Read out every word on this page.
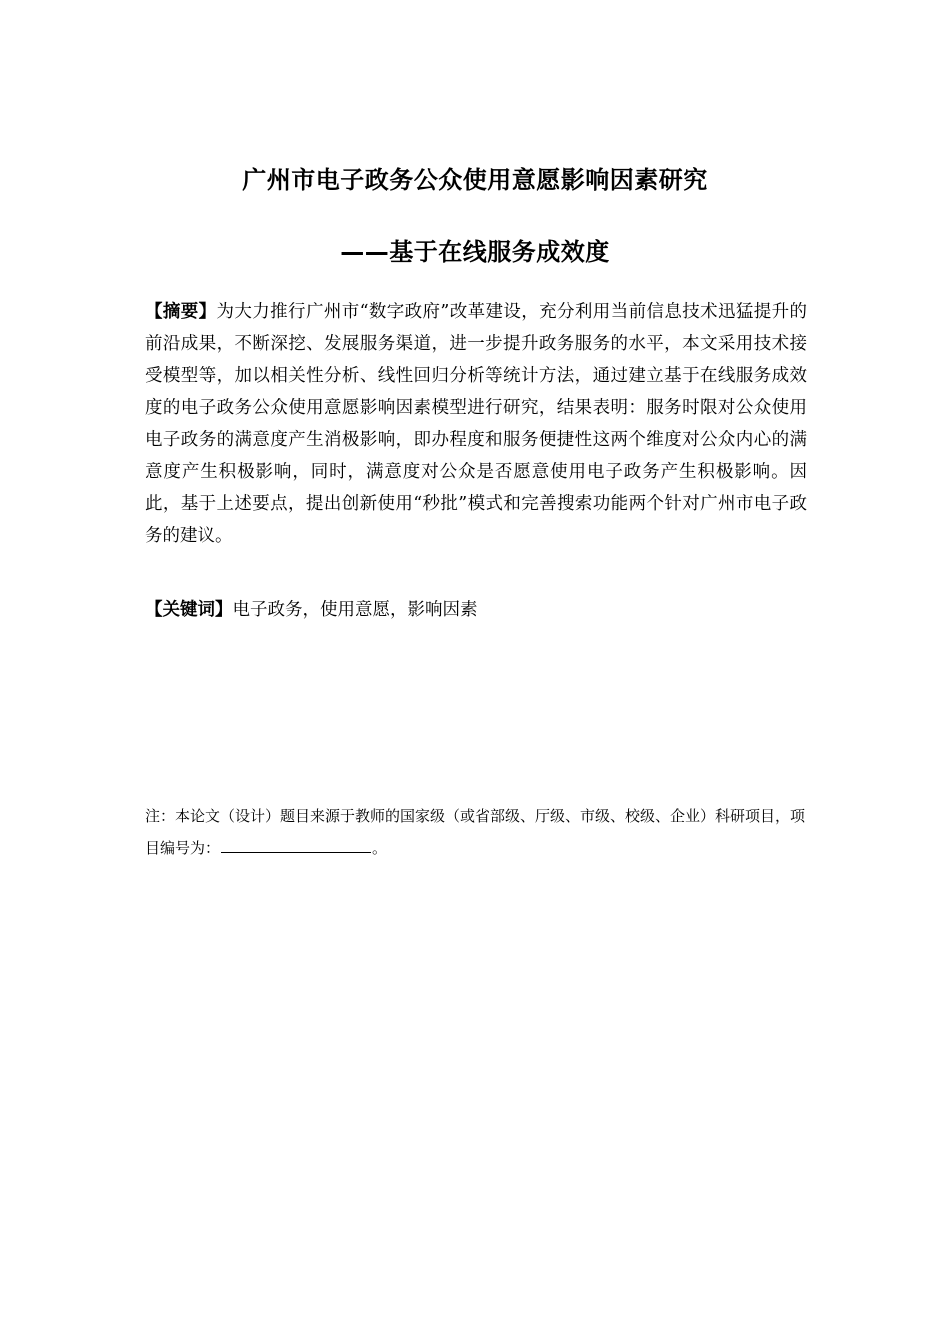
广州市电子政务公众使用意愿影响因素研究
——基于在线服务成效度

【摘要】为大力推行广州市“数字政府”改革建设，充分利用当前信息技术迅猛提升的前沿成果，不断深挖、发展服务渠道，进一步提升政务服务的水平，本文采用技术接受模型等，加以相关性分析、线性回归分析等统计方法，通过建立基于在线服务成效度的电子政务公众使用意愿影响因素模型进行研究，结果表明：服务时限对公众使用电子政务的满意度产生消极影响，即办程度和服务便捷性这两个维度对公众内心的满意度产生积极影响，同时，满意度对公众是否愿意使用电子政务产生积极影响。因此，基于上述要点，提出创新使用“秒批”模式和完善搜索功能两个针对广州市电子政务的建议。

【关键词】电子政务，使用意愿，影响因素

注：本论文（设计）题目来源于教师的国家级（或省部级、厅级、市级、校级、企业）科研项目，项目编号为：	。
